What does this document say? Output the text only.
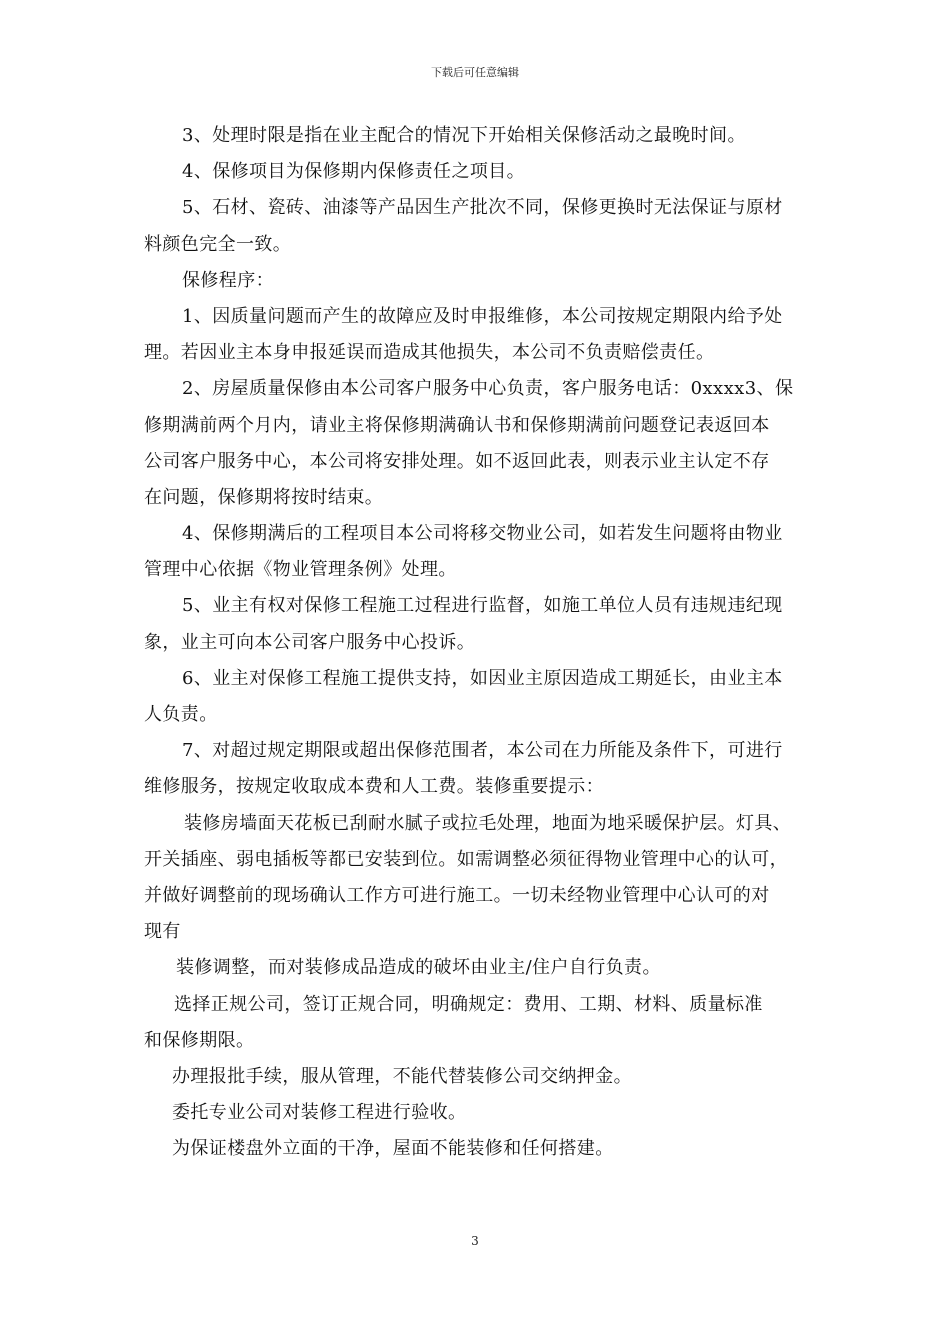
下载后可任意编辑
3、处理时限是指在业主配合的情况下开始相关保修活动之最晚时间。
4、保修项目为保修期内保修责任之项目。
5、石材、瓷砖、油漆等产品因生产批次不同，保修更换时无法保证与原材
料颜色完全一致。
保修程序：
1、因质量问题而产生的故障应及时申报维修，本公司按规定期限内给予处
理。若因业主本身申报延误而造成其他损失，本公司不负责赔偿责任。
2、房屋质量保修由本公司客户服务中心负责，客户服务电话：0xxxx3、保
修期满前两个月内，请业主将保修期满确认书和保修期满前问题登记表返回本
公司客户服务中心，本公司将安排处理。如不返回此表，则表示业主认定不存
在问题，保修期将按时结束。
4、保修期满后的工程项目本公司将移交物业公司，如若发生问题将由物业
管理中心依据《物业管理条例》处理。
5、业主有权对保修工程施工过程进行监督，如施工单位人员有违规违纪现
象，业主可向本公司客户服务中心投诉。
6、业主对保修工程施工提供支持，如因业主原因造成工期延长，由业主本
人负责。
7、对超过规定期限或超出保修范围者，本公司在力所能及条件下，可进行
维修服务，按规定收取成本费和人工费。装修重要提示：
装修房墙面天花板已刮耐水腻子或拉毛处理，地面为地采暖保护层。灯具、
开关插座、弱电插板等都已安装到位。如需调整必须征得物业管理中心的认可，
并做好调整前的现场确认工作方可进行施工。一切未经物业管理中心认可的对
现有
装修调整，而对装修成品造成的破坏由业主/住户自行负责。
选择正规公司，签订正规合同，明确规定：费用、工期、材料、质量标准
和保修期限。
办理报批手续，服从管理，不能代替装修公司交纳押金。
委托专业公司对装修工程进行验收。
为保证楼盘外立面的干净，屋面不能装修和任何搭建。
3
